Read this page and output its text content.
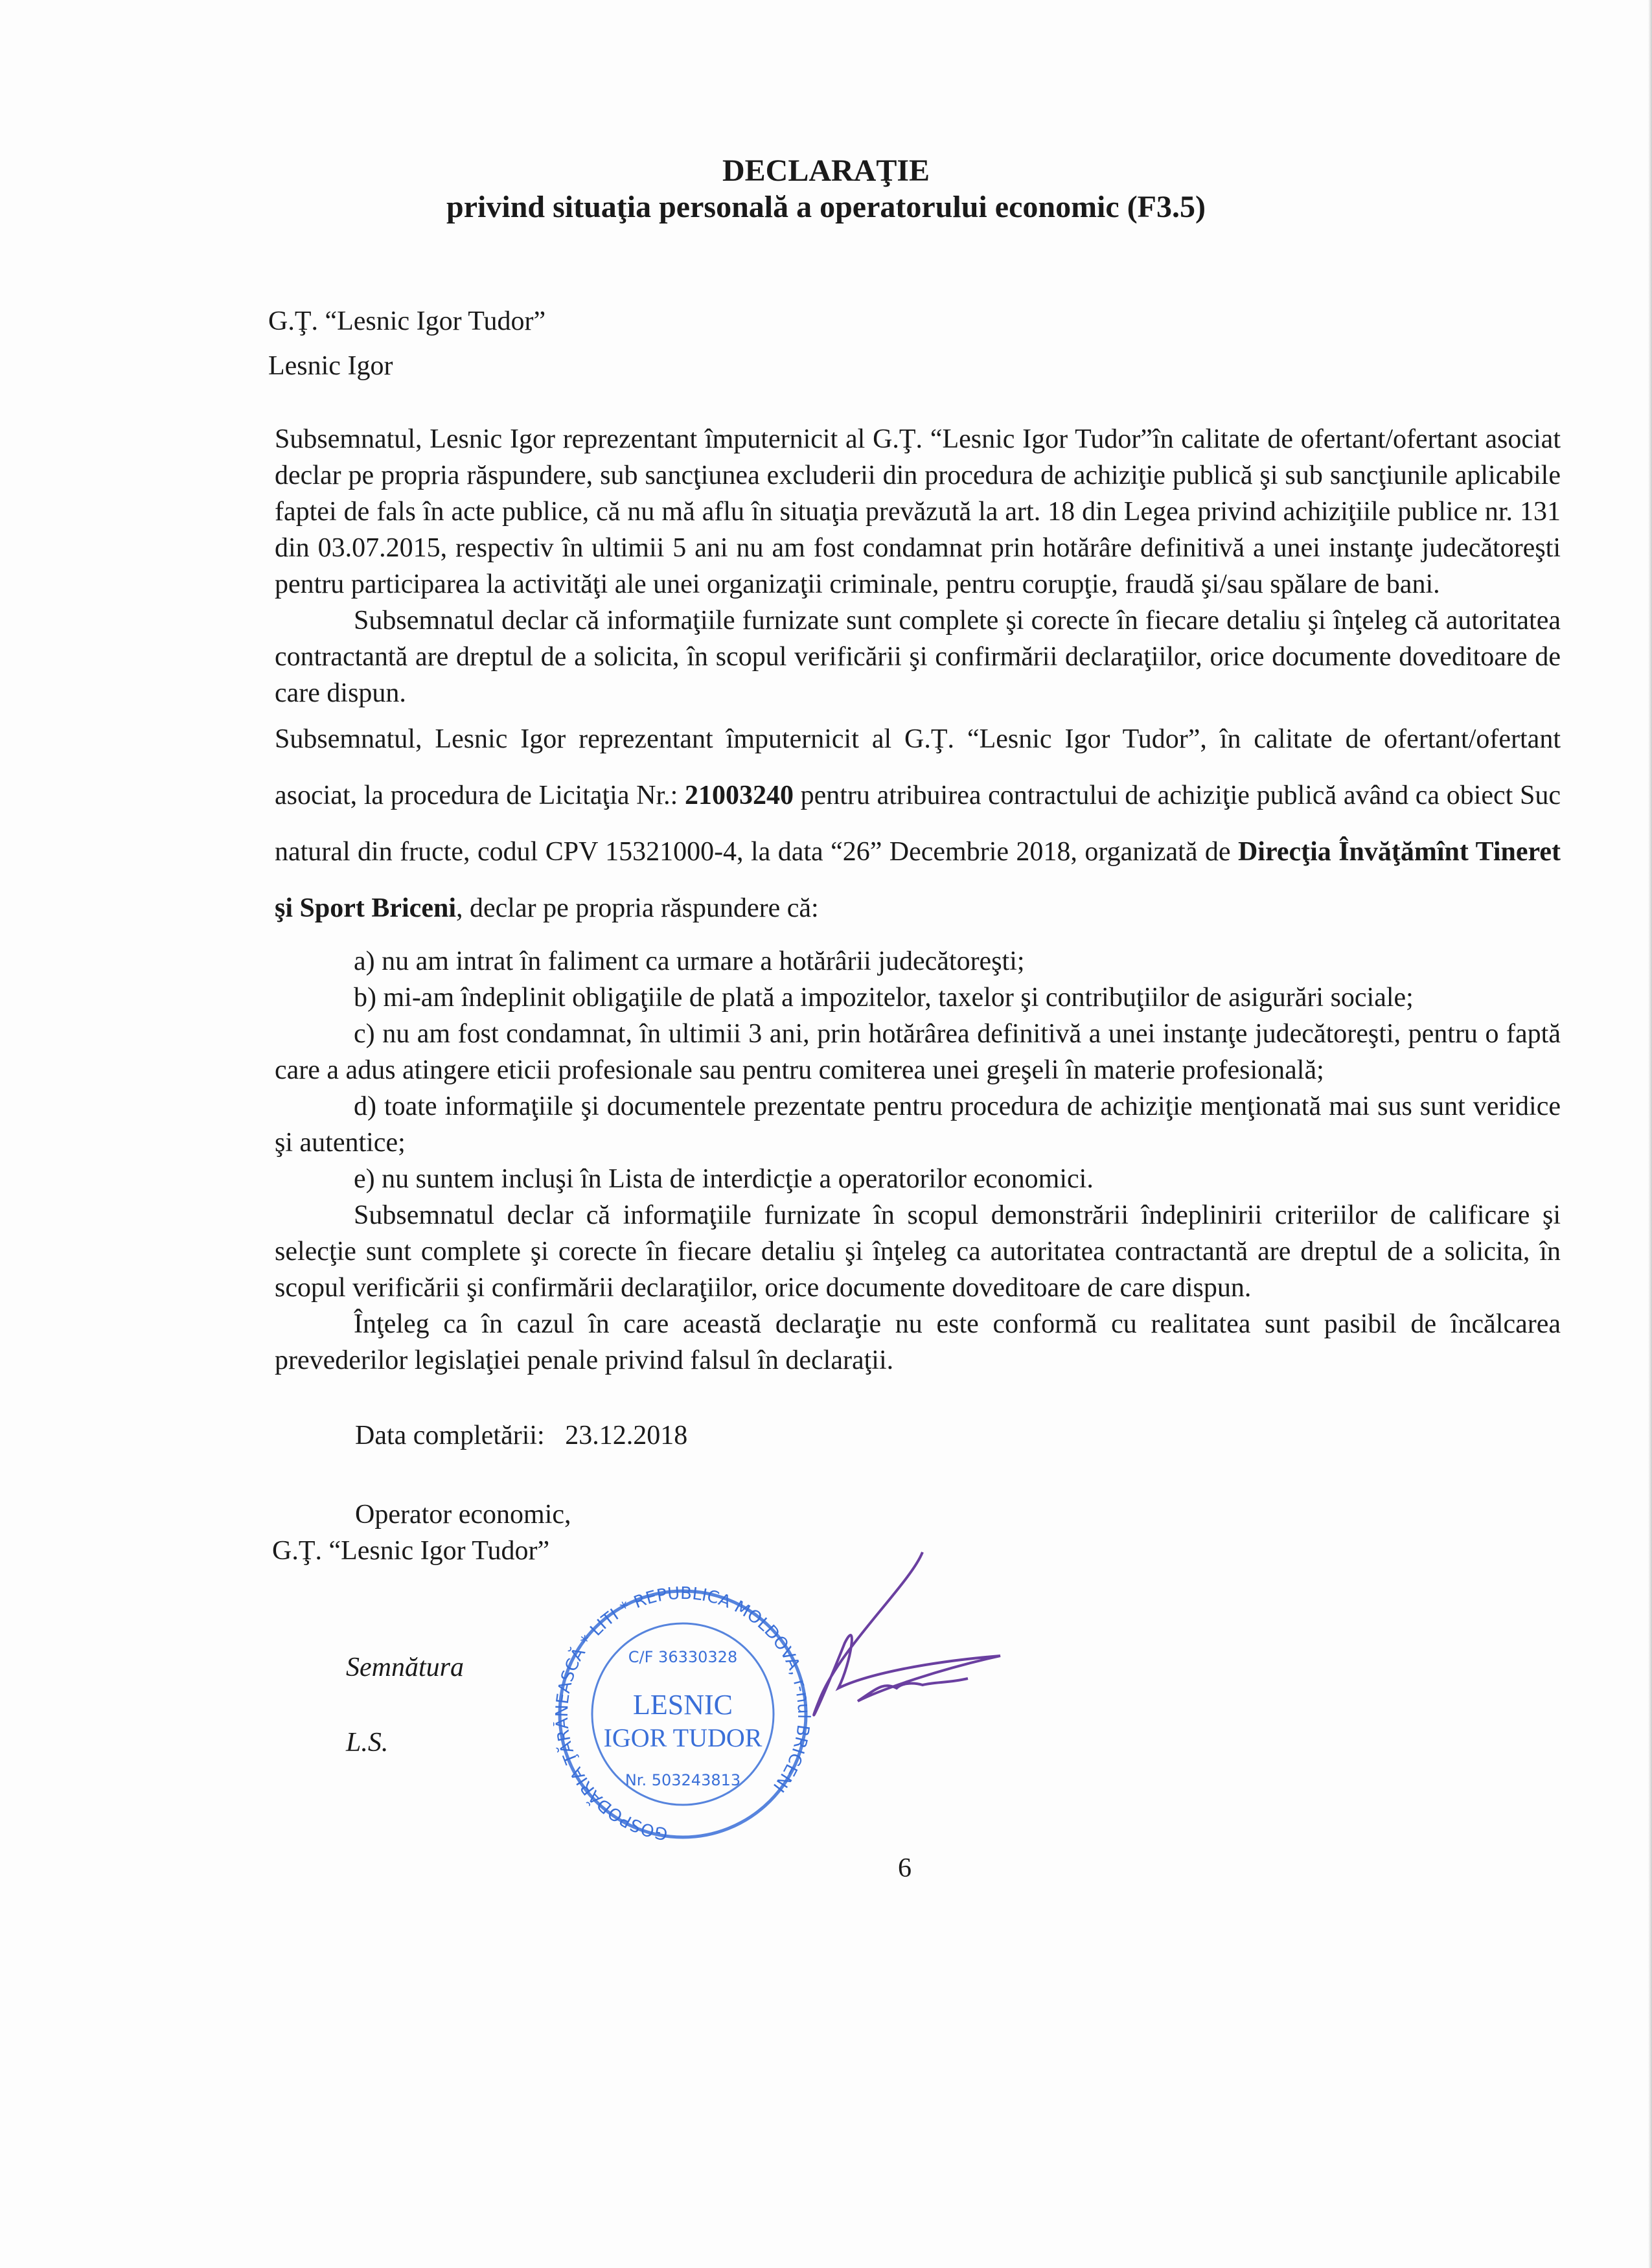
DECLARAŢIE
privind situaţia personală a operatorului economic (F3.5)
G.Ţ. “Lesnic Igor Tudor”
Lesnic Igor
Subsemnatul, Lesnic Igor reprezentant împuternicit al G.Ţ. “Lesnic Igor Tudor”în calitate de ofertant/ofertant asociat declar pe propria răspundere, sub sancţiunea excluderii din procedura de achiziţie publică şi sub sancţiunile aplicabile faptei de fals în acte publice, că nu mă aflu în situaţia prevăzută la art. 18 din Legea privind achiziţiile publice nr. 131 din 03.07.2015, respectiv în ultimii 5 ani nu am fost condamnat prin hotărâre definitivă a unei instanţe judecătoreşti pentru participarea la activităţi ale unei organizaţii criminale, pentru corupţie, fraudă şi/sau spălare de bani.
Subsemnatul declar că informaţiile furnizate sunt complete şi corecte în fiecare detaliu şi înţeleg că autoritatea contractantă are dreptul de a solicita, în scopul verificării şi confirmării declaraţiilor, orice documente doveditoare de care dispun.
Subsemnatul, Lesnic Igor reprezentant împuternicit al G.Ţ. “Lesnic Igor Tudor”, în calitate de ofertant/ofertant asociat, la procedura de Licitaţia Nr.: 21003240 pentru atribuirea contractului de achiziţie publică având ca obiect Suc natural din fructe, codul CPV 15321000-4, la data “26” Decembrie 2018, organizată de Direcţia Învăţămînt Tineret şi Sport Briceni, declar pe propria răspundere că:
a) nu am intrat în faliment ca urmare a hotărârii judecătoreşti;
b) mi-am îndeplinit obligaţiile de plată a impozitelor, taxelor şi contribuţiilor de asigurări sociale;
c) nu am fost condamnat, în ultimii 3 ani, prin hotărârea definitivă a unei instanţe judecătoreşti, pentru o faptă care a adus atingere eticii profesionale sau pentru comiterea unei greşeli în materie profesională;
d) toate informaţiile şi documentele prezentate pentru procedura de achiziţie menţionată mai sus sunt veridice şi autentice;
e) nu suntem incluşi în Lista de interdicţie a operatorilor economici.
Subsemnatul declar că informaţiile furnizate în scopul demonstrării îndeplinirii criteriilor de calificare şi selecţie sunt complete şi corecte în fiecare detaliu şi înţeleg ca autoritatea contractantă are dreptul de a solicita, în scopul verificării şi confirmării declaraţiilor, orice documente doveditoare de care dispun.
Înţeleg ca în cazul în care această declaraţie nu este conformă cu realitatea sunt pasibil de încălcarea prevederilor legislaţiei penale privind falsul în declaraţii.
Data completării: 23.12.2018
Operator economic,
G.Ţ. “Lesnic Igor Tudor”
Semnătura
L.S.
GOSPODĂRIA ŢĂRĂNEASCĂ * LITI * REPUBLICA MOLDOVA, r-nul BRICENI
C/F 36330328
LESNIC
IGOR TUDOR
Nr. 503243813
6
